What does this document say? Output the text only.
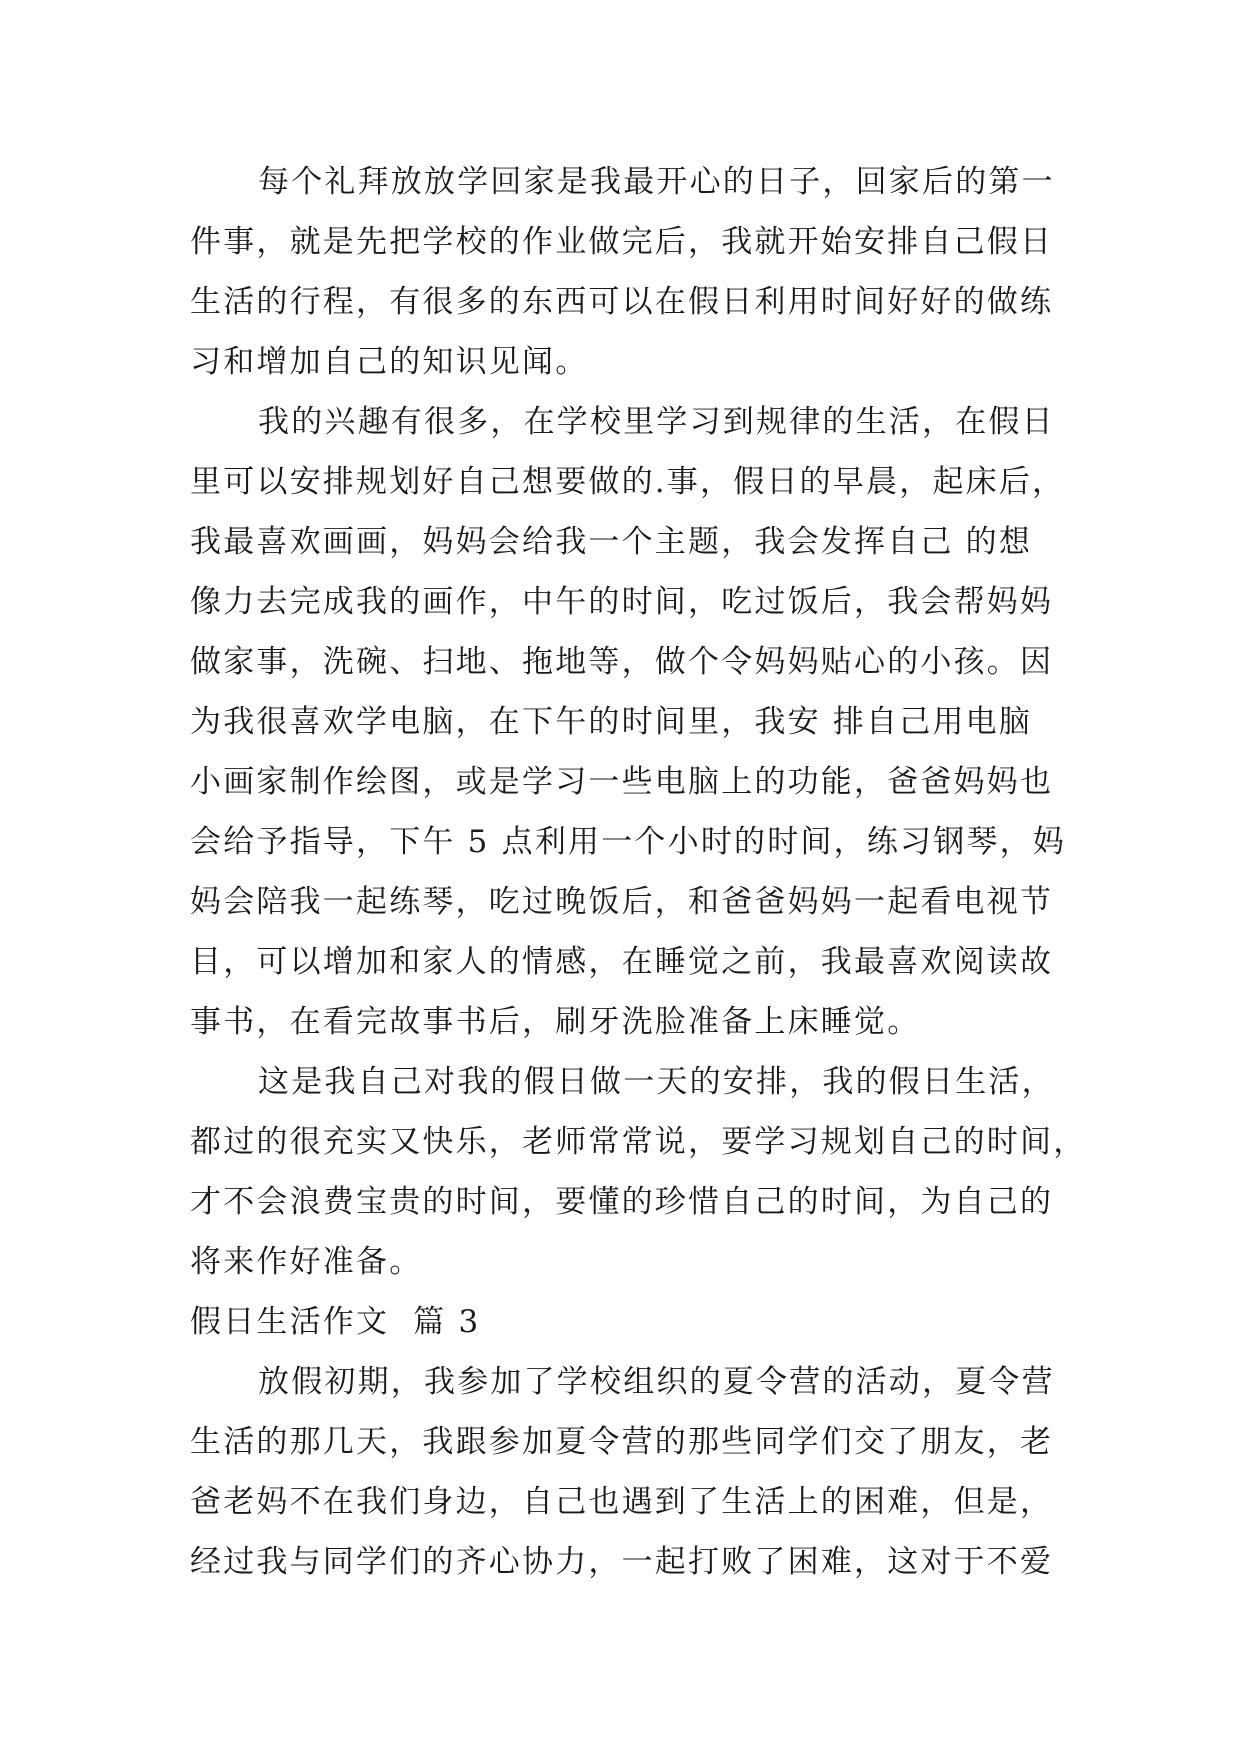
每个礼拜放放学回家是我最开心的日子，回家后的第一

件事，就是先把学校的作业做完后，我就开始安排自己假日

生活的行程，有很多的东西可以在假日利用时间好好的做练

习和增加自己的知识见闻。

我的兴趣有很多，在学校里学习到规律的生活，在假日

里可以安排规划好自己想要做的.事，假日的早晨，起床后，

我最喜欢画画，妈妈会给我一个主题，我会发挥自己 的想

像力去完成我的画作，中午的时间，吃过饭后，我会帮妈妈

做家事，洗碗、扫地、拖地等，做个令妈妈贴心的小孩。因

为我很喜欢学电脑，在下午的时间里，我安 排自己用电脑

小画家制作绘图，或是学习一些电脑上的功能，爸爸妈妈也

会给予指导，下午 5 点利用一个小时的时间，练习钢琴，妈

妈会陪我一起练琴，吃过晚饭后，和爸爸妈妈一起看电视节

目，可以增加和家人的情感，在睡觉之前，我最喜欢阅读故

事书，在看完故事书后，刷牙洗脸准备上床睡觉。

这是我自己对我的假日做一天的安排，我的假日生活，

都过的很充实又快乐，老师常常说，要学习规划自己的时间，

才不会浪费宝贵的时间，要懂的珍惜自己的时间，为自己的

将来作好准备。

假日生活作文  篇 3

放假初期，我参加了学校组织的夏令营的活动，夏令营

生活的那几天，我跟参加夏令营的那些同学们交了朋友，老

爸老妈不在我们身边，自己也遇到了生活上的困难，但是，

经过我与同学们的齐心协力，一起打败了困难，这对于不爱
